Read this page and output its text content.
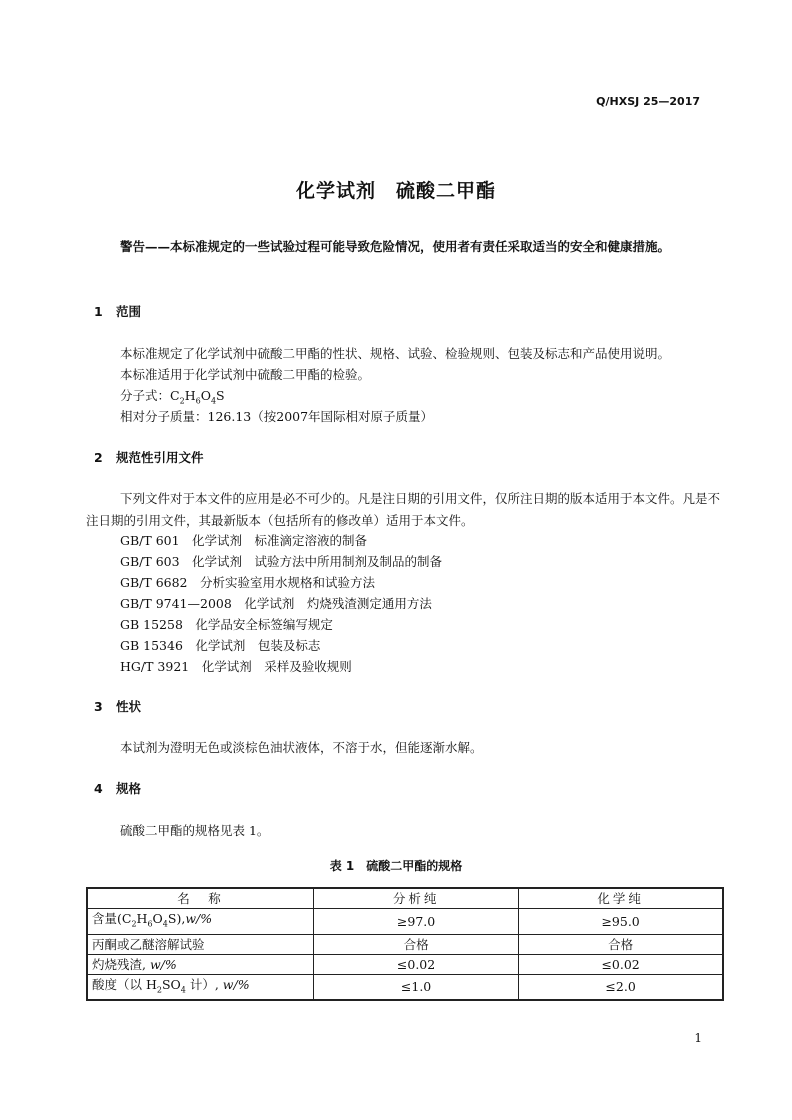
Q/HXSJ 25—2017
化学试剂　硫酸二甲酯
警告——本标准规定的一些试验过程可能导致危险情况，使用者有责任采取适当的安全和健康措施。
1 范围
本标准规定了化学试剂中硫酸二甲酯的性状、规格、试验、检验规则、包装及标志和产品使用说明。
本标准适用于化学试剂中硫酸二甲酯的检验。
分子式：$C_2H_6O_4S$
相对分子质量：126.13（按2007年国际相对原子质量）
2 规范性引用文件
下列文件对于本文件的应用是必不可少的。凡是注日期的引用文件，仅所注日期的版本适用于本文件。凡是不注日期的引用文件，其最新版本（包括所有的修改单）适用于本文件。
GB/T 601　化学试剂　标准滴定溶液的制备
GB/T 603　化学试剂　试验方法中所用制剂及制品的制备
GB/T 6682　分析实验室用水规格和试验方法
GB/T 9741—2008　化学试剂　灼烧残渣测定通用方法
GB 15258　化学品安全标签编写规定
GB 15346　化学试剂　包装及标志
HG/T 3921　化学试剂　采样及验收规则
3 性状
本试剂为澄明无色或淡棕色油状液体，不溶于水，但能逐渐水解。
4 规格
硫酸二甲酯的规格见表 1。
表 1　硫酸二甲酯的规格
名　称	分析纯	化学纯
含量$(C_2H_6O_4S),w/\%$	≥97.0	≥95.0
丙酮或乙醚溶解试验	合格	合格
灼烧残渣, w/%	≤0.02	≤0.02
酸度（以 $H_2SO_4$ 计）, w/%	≤1.0	≤2.0
1
